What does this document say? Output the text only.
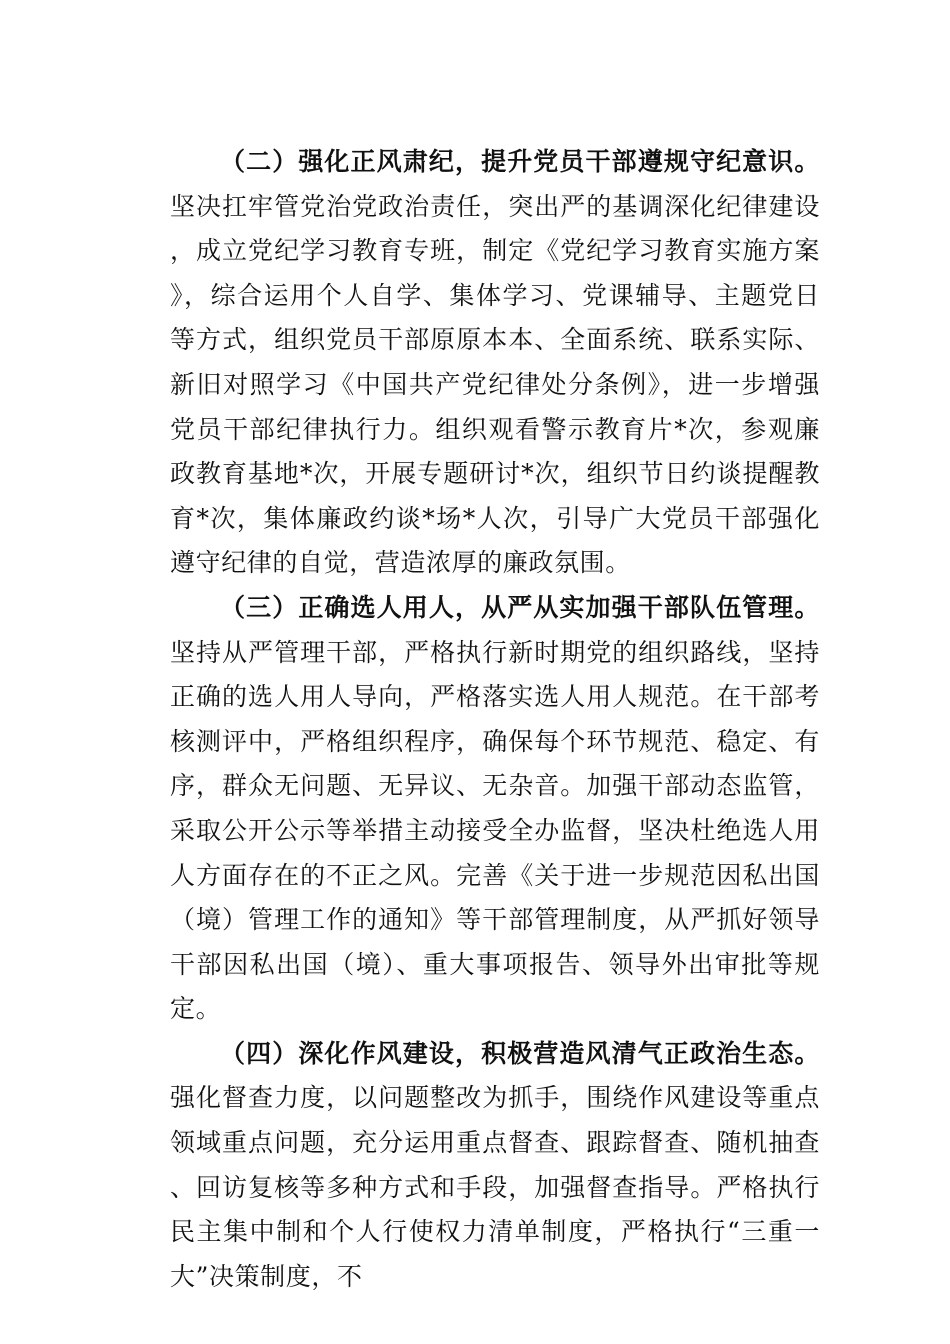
（二）强化正风肃纪，提升党员干部遵规守纪意识。坚决扛牢管党治党政治责任，突出严的基调深化纪律建设，成立党纪学习教育专班，制定《党纪学习教育实施方案》，综合运用个人自学、集体学习、党课辅导、主题党日等方式，组织党员干部原原本本、全面系统、联系实际、新旧对照学习《中国共产党纪律处分条例》，进一步增强党员干部纪律执行力。组织观看警示教育片*次，参观廉政教育基地*次，开展专题研讨*次，组织节日约谈提醒教育*次，集体廉政约谈*场*人次，引导广大党员干部强化遵守纪律的自觉，营造浓厚的廉政氛围。

（三）正确选人用人，从严从实加强干部队伍管理。坚持从严管理干部，严格执行新时期党的组织路线，坚持正确的选人用人导向，严格落实选人用人规范。在干部考核测评中，严格组织程序，确保每个环节规范、稳定、有序，群众无问题、无异议、无杂音。加强干部动态监管，采取公开公示等举措主动接受全办监督，坚决杜绝选人用人方面存在的不正之风。完善《关于进一步规范因私出国（境）管理工作的通知》等干部管理制度，从严抓好领导干部因私出国（境）、重大事项报告、领导外出审批等规定。

（四）深化作风建设，积极营造风清气正政治生态。强化督查力度，以问题整改为抓手，围绕作风建设等重点领域重点问题，充分运用重点督查、跟踪督查、随机抽查、回访复核等多种方式和手段，加强督查指导。严格执行民主集中制和个人行使权力清单制度，严格执行“三重一大”决策制度，不
